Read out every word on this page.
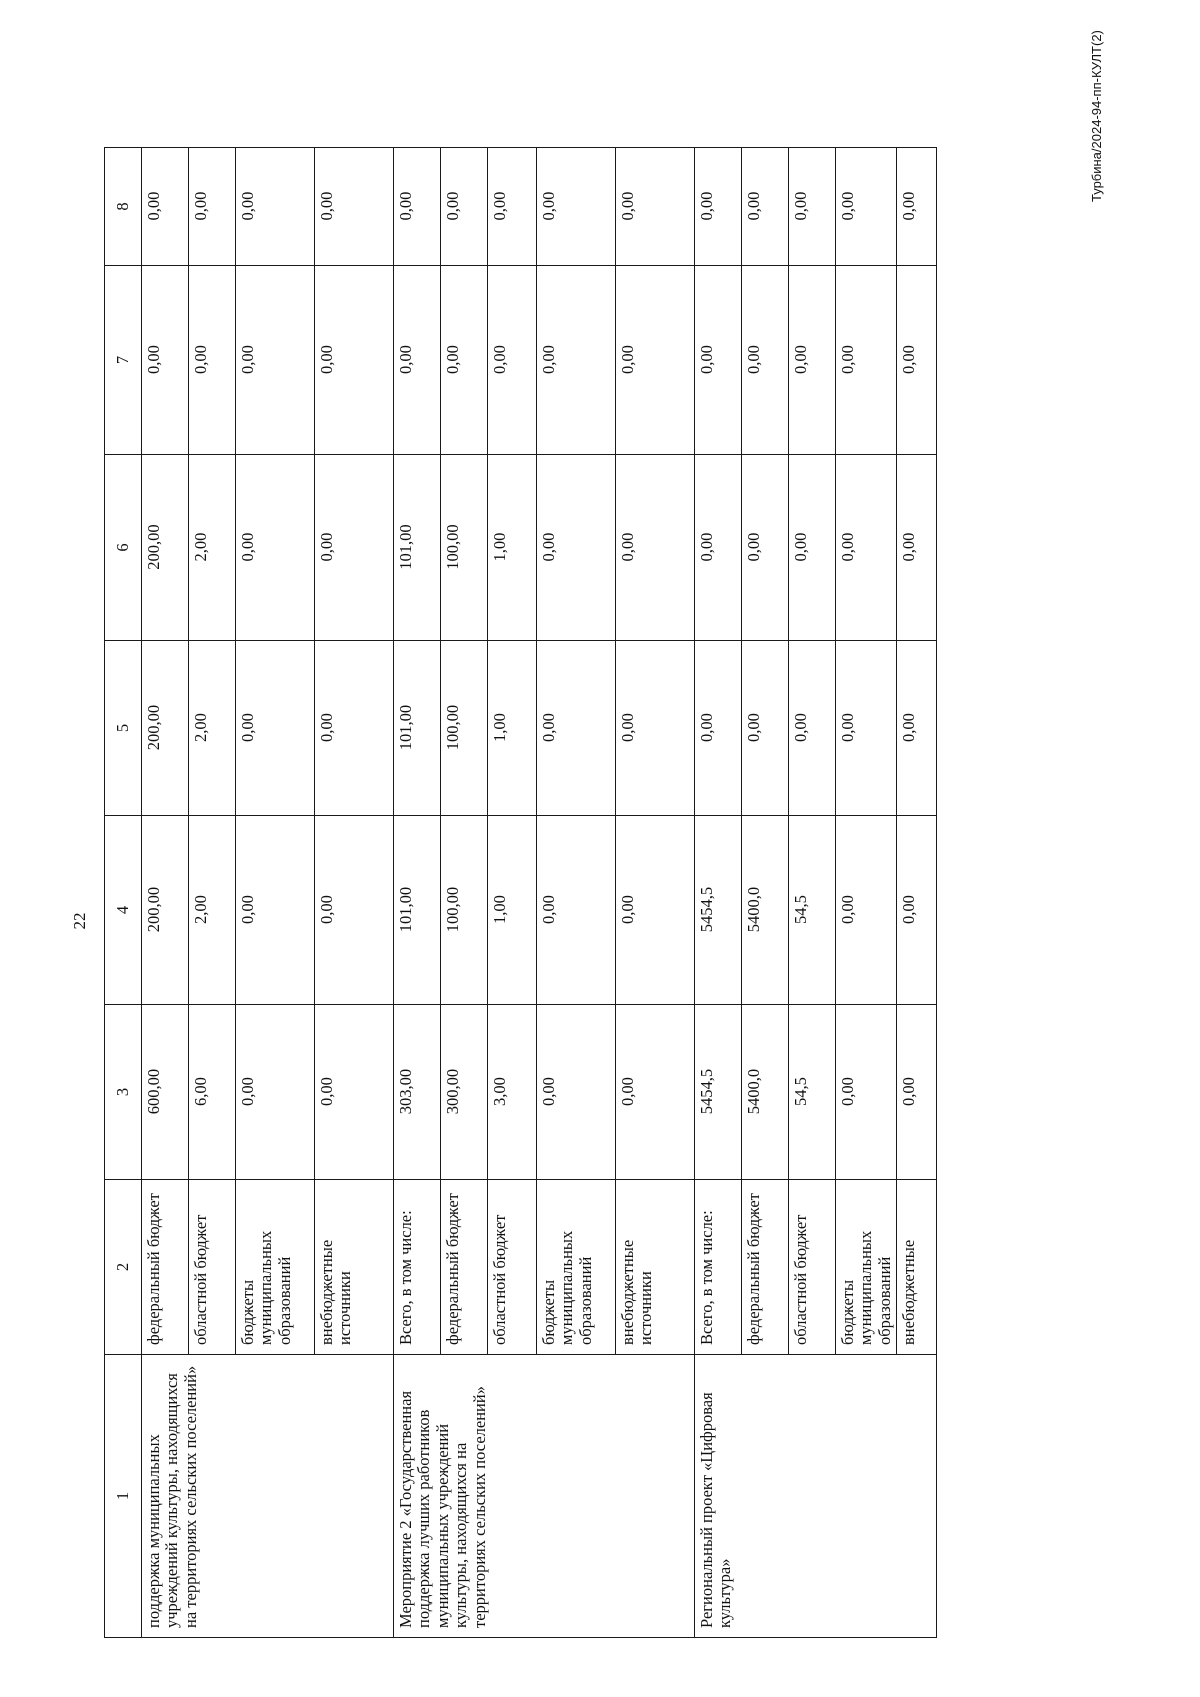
22
1	2	3	4	5	6	7	8
поддержка муниципальных учреждений культуры, находящихся на территориях сельских поселений»	федеральный бюджет	600,00	200,00	200,00	200,00	0,00	0,00
	областной бюджет	6,00	2,00	2,00	2,00	0,00	0,00
	бюджеты муниципальных образований	0,00	0,00	0,00	0,00	0,00	0,00
	внебюджетные источники	0,00	0,00	0,00	0,00	0,00	0,00
Мероприятие 2 «Государственная поддержка лучших работников муниципальных учреждений культуры, находящихся на территориях сельских поселений»	Всего, в том числе:	303,00	101,00	101,00	101,00	0,00	0,00
	федеральный бюджет	300,00	100,00	100,00	100,00	0,00	0,00
	областной бюджет	3,00	1,00	1,00	1,00	0,00	0,00
	бюджеты муниципальных образований	0,00	0,00	0,00	0,00	0,00	0,00
	внебюджетные источники	0,00	0,00	0,00	0,00	0,00	0,00
Региональный проект «Цифровая культура»	Всего, в том числе:	5454,5	5454,5	0,00	0,00	0,00	0,00
	федеральный бюджет	5400,0	5400,0	0,00	0,00	0,00	0,00
	областной бюджет	54,5	54,5	0,00	0,00	0,00	0,00
	бюджеты муниципальных образований	0,00	0,00	0,00	0,00	0,00	0,00
	внебюджетные	0,00	0,00	0,00	0,00	0,00	0,00
Турбина/2024-94-пп-КУЛТ(2)
